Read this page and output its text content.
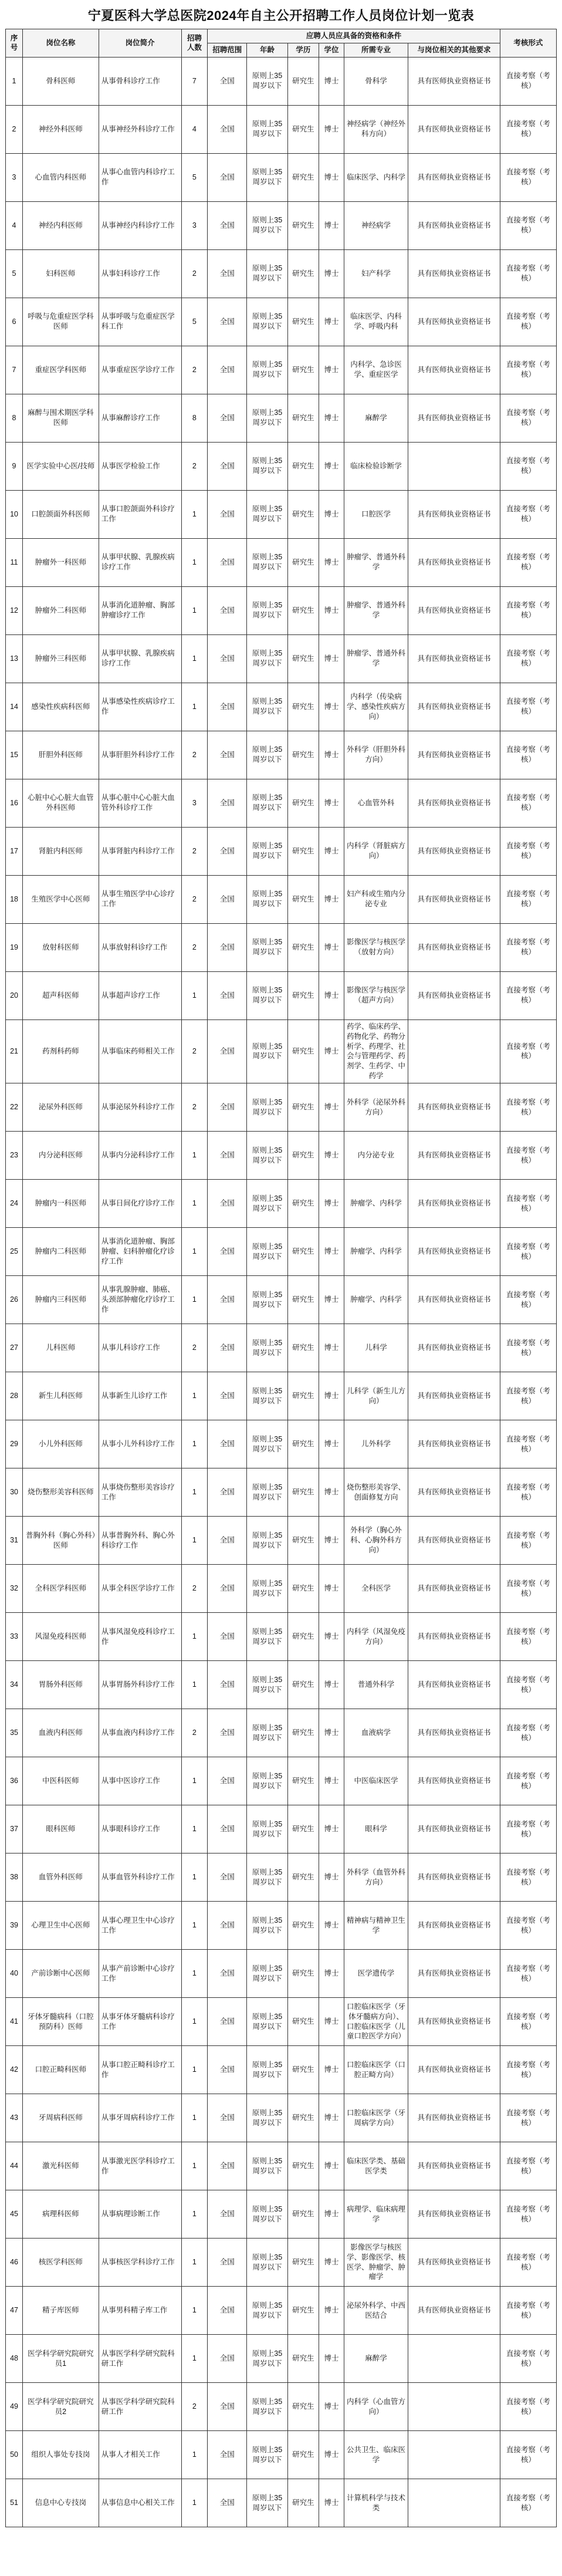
宁夏医科大学总医院2024年自主公开招聘工作人员岗位计划一览表
序号	岗位名称	岗位简介	招聘人数	应聘人员应具备的资格和条件						考核形式
				招聘范围	年龄	学历	学位	所需专业	与岗位相关的其他要求	
1	骨科医师	从事骨科诊疗工作	7	全国	原则上35周岁以下	研究生	博士	骨科学	具有医师执业资格证书	直接考察（考核）
2	神经外科医师	从事神经外科诊疗工作	4	全国	原则上35周岁以下	研究生	博士	神经病学（神经外科方向）	具有医师执业资格证书	直接考察（考核）
3	心血管内科医师	从事心血管内科诊疗工作	5	全国	原则上35周岁以下	研究生	博士	临床医学、内科学	具有医师执业资格证书	直接考察（考核）
4	神经内科医师	从事神经内科诊疗工作	3	全国	原则上35周岁以下	研究生	博士	神经病学	具有医师执业资格证书	直接考察（考核）
5	妇科医师	从事妇科诊疗工作	2	全国	原则上35周岁以下	研究生	博士	妇产科学	具有医师执业资格证书	直接考察（考核）
6	呼吸与危重症医学科医师	从事呼吸与危重症医学科工作	5	全国	原则上35周岁以下	研究生	博士	临床医学、内科学、呼吸内科	具有医师执业资格证书	直接考察（考核）
7	重症医学科医师	从事重症医学诊疗工作	2	全国	原则上35周岁以下	研究生	博士	内科学、急诊医学、重症医学	具有医师执业资格证书	直接考察（考核）
8	麻醉与围术期医学科医师	从事麻醉诊疗工作	8	全国	原则上35周岁以下	研究生	博士	麻醉学	具有医师执业资格证书	直接考察（考核）
9	医学实验中心医/技师	从事医学检验工作	2	全国	原则上35周岁以下	研究生	博士	临床检验诊断学		直接考察（考核）
10	口腔颌面外科医师	从事口腔颌面外科诊疗工作	1	全国	原则上35周岁以下	研究生	博士	口腔医学	具有医师执业资格证书	直接考察（考核）
11	肿瘤外一科医师	从事甲状腺、乳腺疾病诊疗工作	1	全国	原则上35周岁以下	研究生	博士	肿瘤学、普通外科学	具有医师执业资格证书	直接考察（考核）
12	肿瘤外二科医师	从事消化道肿瘤、胸部肿瘤诊疗工作	1	全国	原则上35周岁以下	研究生	博士	肿瘤学、普通外科学	具有医师执业资格证书	直接考察（考核）
13	肿瘤外三科医师	从事甲状腺、乳腺疾病诊疗工作	1	全国	原则上35周岁以下	研究生	博士	肿瘤学、普通外科学	具有医师执业资格证书	直接考察（考核）
14	感染性疾病科医师	从事感染性疾病诊疗工作	1	全国	原则上35周岁以下	研究生	博士	内科学（传染病学、感染性疾病方向）	具有医师执业资格证书	直接考察（考核）
15	肝胆外科医师	从事肝胆外科诊疗工作	2	全国	原则上35周岁以下	研究生	博士	外科学（肝胆外科方向）	具有医师执业资格证书	直接考察（考核）
16	心脏中心心脏大血管外科医师	从事心脏中心心脏大血管外科诊疗工作	3	全国	原则上35周岁以下	研究生	博士	心血管外科	具有医师执业资格证书	直接考察（考核）
17	肾脏内科医师	从事肾脏内科诊疗工作	2	全国	原则上35周岁以下	研究生	博士	内科学（肾脏病方向）	具有医师执业资格证书	直接考察（考核）
18	生殖医学中心医师	从事生殖医学中心诊疗工作	2	全国	原则上35周岁以下	研究生	博士	妇产科或生殖内分泌专业	具有医师执业资格证书	直接考察（考核）
19	放射科医师	从事放射科诊疗工作	2	全国	原则上35周岁以下	研究生	博士	影像医学与核医学（放射方向）	具有医师执业资格证书	直接考察（考核）
20	超声科医师	从事超声诊疗工作	1	全国	原则上35周岁以下	研究生	博士	影像医学与核医学（超声方向）	具有医师执业资格证书	直接考察（考核）
21	药剂科药师	从事临床药师相关工作	2	全国	原则上35周岁以下	研究生	博士	药学、临床药学、药物化学、药物分析学、药理学、社会与管理药学、药剂学、生药学、中药学		直接考察（考核）
22	泌尿外科医师	从事泌尿外科诊疗工作	2	全国	原则上35周岁以下	研究生	博士	外科学（泌尿外科方向）	具有医师执业资格证书	直接考察（考核）
23	内分泌科医师	从事内分泌科诊疗工作	1	全国	原则上35周岁以下	研究生	博士	内分泌专业	具有医师执业资格证书	直接考察（考核）
24	肿瘤内一科医师	从事日间化疗诊疗工作	1	全国	原则上35周岁以下	研究生	博士	肿瘤学、内科学	具有医师执业资格证书	直接考察（考核）
25	肿瘤内二科医师	从事消化道肿瘤、胸部肿瘤、妇科肿瘤化疗诊疗工作	1	全国	原则上35周岁以下	研究生	博士	肿瘤学、内科学	具有医师执业资格证书	直接考察（考核）
26	肿瘤内三科医师	从事乳腺肿瘤、肺癌、头颈部肿瘤化疗诊疗工作	1	全国	原则上35周岁以下	研究生	博士	肿瘤学、内科学	具有医师执业资格证书	直接考察（考核）
27	儿科医师	从事儿科诊疗工作	2	全国	原则上35周岁以下	研究生	博士	儿科学	具有医师执业资格证书	直接考察（考核）
28	新生儿科医师	从事新生儿诊疗工作	1	全国	原则上35周岁以下	研究生	博士	儿科学（新生儿方向）	具有医师执业资格证书	直接考察（考核）
29	小儿外科医师	从事小儿外科诊疗工作	1	全国	原则上35周岁以下	研究生	博士	儿外科学	具有医师执业资格证书	直接考察（考核）
30	烧伤整形美容科医师	从事烧伤整形美容诊疗工作	1	全国	原则上35周岁以下	研究生	博士	烧伤整形美容学、创面修复方向	具有医师执业资格证书	直接考察（考核）
31	普胸外科（胸心外科）医师	从事普胸外科、胸心外科诊疗工作	1	全国	原则上35周岁以下	研究生	博士	外科学（胸心外科、心胸外科方向）	具有医师执业资格证书	直接考察（考核）
32	全科医学科医师	从事全科医学诊疗工作	2	全国	原则上35周岁以下	研究生	博士	全科医学	具有医师执业资格证书	直接考察（考核）
33	风湿免疫科医师	从事风湿免疫科诊疗工作	1	全国	原则上35周岁以下	研究生	博士	内科学（风湿免疫方向）	具有医师执业资格证书	直接考察（考核）
34	胃肠外科医师	从事胃肠外科诊疗工作	1	全国	原则上35周岁以下	研究生	博士	普通外科学	具有医师执业资格证书	直接考察（考核）
35	血液内科医师	从事血液内科诊疗工作	2	全国	原则上35周岁以下	研究生	博士	血液病学	具有医师执业资格证书	直接考察（考核）
36	中医科医师	从事中医诊疗工作	1	全国	原则上35周岁以下	研究生	博士	中医临床医学	具有医师执业资格证书	直接考察（考核）
37	眼科医师	从事眼科诊疗工作	1	全国	原则上35周岁以下	研究生	博士	眼科学	具有医师执业资格证书	直接考察（考核）
38	血管外科医师	从事血管外科诊疗工作	1	全国	原则上35周岁以下	研究生	博士	外科学（血管外科方向）	具有医师执业资格证书	直接考察（考核）
39	心理卫生中心医师	从事心理卫生中心诊疗工作	1	全国	原则上35周岁以下	研究生	博士	精神病与精神卫生学	具有医师执业资格证书	直接考察（考核）
40	产前诊断中心医师	从事产前诊断中心诊疗工作	1	全国	原则上35周岁以下	研究生	博士	医学遗传学	具有医师执业资格证书	直接考察（考核）
41	牙体牙髓病科（口腔预防科）医师	从事牙体牙髓病科诊疗工作	1	全国	原则上35周岁以下	研究生	博士	口腔临床医学（牙体牙髓病方向）、口腔临床医学（儿童口腔医学方向）	具有医师执业资格证书	直接考察（考核）
42	口腔正畸科医师	从事口腔正畸科诊疗工作	1	全国	原则上35周岁以下	研究生	博士	口腔临床医学（口腔正畸方向）	具有医师执业资格证书	直接考察（考核）
43	牙周病科医师	从事牙周病科诊疗工作	1	全国	原则上35周岁以下	研究生	博士	口腔临床医学（牙周病学方向）	具有医师执业资格证书	直接考察（考核）
44	激光科医师	从事激光医学科诊疗工作	1	全国	原则上35周岁以下	研究生	博士	临床医学类、基础医学类	具有医师执业资格证书	直接考察（考核）
45	病理科医师	从事病理诊断工作	1	全国	原则上35周岁以下	研究生	博士	病理学、临床病理学	具有医师执业资格证书	直接考察（考核）
46	核医学科医师	从事核医学科诊疗工作	1	全国	原则上35周岁以下	研究生	博士	影像医学与核医学、影像医学、核医学、肿瘤学、肿瘤学	具有医师执业资格证书	直接考察（考核）
47	精子库医师	从事男科精子库工作	1	全国	原则上35周岁以下	研究生	博士	泌尿外科学、中西医结合	具有医师执业资格证书	直接考察（考核）
48	医学科学研究院研究员1	从事医学科学研究院科研工作	1	全国	原则上35周岁以下	研究生	博士	麻醉学		直接考察（考核）
49	医学科学研究院研究员2	从事医学科学研究院科研工作	2	全国	原则上35周岁以下	研究生	博士	内科学（心血管方向）		直接考察（考核）
50	组织人事处专技岗	从事人才相关工作	1	全国	原则上35周岁以下	研究生	博士	公共卫生、临床医学		直接考察（考核）
51	信息中心专技岗	从事信息中心相关工作	1	全国	原则上35周岁以下	研究生	博士	计算机科学与技术类		直接考察（考核）
